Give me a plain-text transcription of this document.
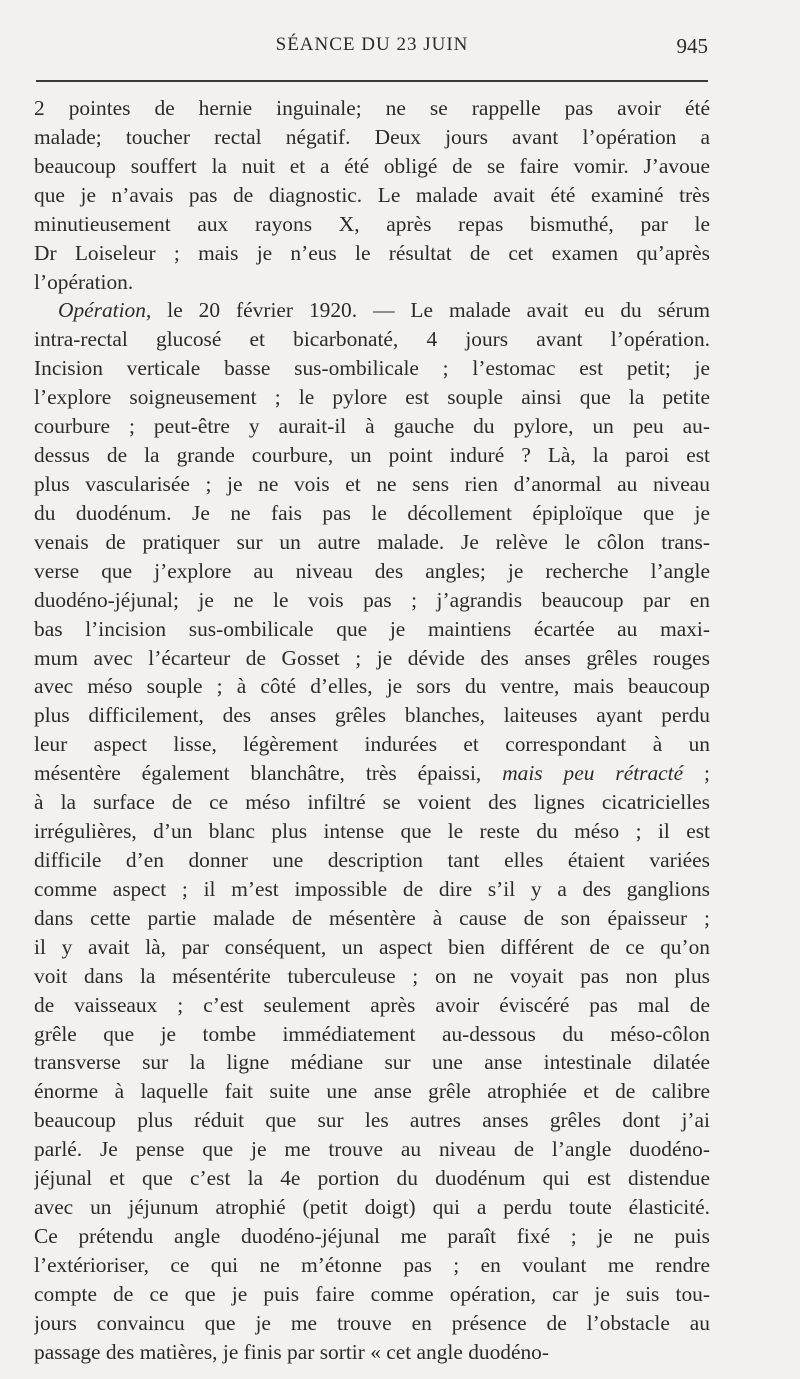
SÉANCE DU 23 JUIN	945
2 pointes de hernie inguinale; ne se rappelle pas avoir été
malade; toucher rectal négatif. Deux jours avant l’opération a
beaucoup souffert la nuit et a été obligé de se faire vomir. J’avoue
que je n’avais pas de diagnostic. Le malade avait été examiné très
minutieusement aux rayons X, après repas bismuthé, par le
Dr Loiseleur ; mais je n’eus le résultat de cet examen qu’après
l’opération.
Opération, le 20 février 1920. — Le malade avait eu du sérum
intra-rectal glucosé et bicarbonaté, 4 jours avant l’opération.
Incision verticale basse sus-ombilicale ; l’estomac est petit; je
l’explore soigneusement ; le pylore est souple ainsi que la petite
courbure ; peut-être y aurait-il à gauche du pylore, un peu au-
dessus de la grande courbure, un point induré ? Là, la paroi est
plus vascularisée ; je ne vois et ne sens rien d’anormal au niveau
du duodénum. Je ne fais pas le décollement épiploïque que je
venais de pratiquer sur un autre malade. Je relève le côlon trans-
verse que j’explore au niveau des angles; je recherche l’angle
duodéno-jéjunal; je ne le vois pas ; j’agrandis beaucoup par en
bas l’incision sus-ombilicale que je maintiens écartée au maxi-
mum avec l’écarteur de Gosset ; je dévide des anses grêles rouges
avec méso souple ; à côté d’elles, je sors du ventre, mais beaucoup
plus difficilement, des anses grêles blanches, laiteuses ayant perdu
leur aspect lisse, légèrement indurées et correspondant à un
mésentère également blanchâtre, très épaissi, mais peu rétracté ;
à la surface de ce méso infiltré se voient des lignes cicatricielles
irrégulières, d’un blanc plus intense que le reste du méso ; il est
difficile d’en donner une description tant elles étaient variées
comme aspect ; il m’est impossible de dire s’il y a des ganglions
dans cette partie malade de mésentère à cause de son épaisseur ;
il y avait là, par conséquent, un aspect bien différent de ce qu’on
voit dans la mésentérite tuberculeuse ; on ne voyait pas non plus
de vaisseaux ; c’est seulement après avoir éviscéré pas mal de
grêle que je tombe immédiatement au-dessous du méso-côlon
transverse sur la ligne médiane sur une anse intestinale dilatée
énorme à laquelle fait suite une anse grêle atrophiée et de calibre
beaucoup plus réduit que sur les autres anses grêles dont j’ai
parlé. Je pense que je me trouve au niveau de l’angle duodéno-
jéjunal et que c’est la 4e portion du duodénum qui est distendue
avec un jéjunum atrophié (petit doigt) qui a perdu toute élasticité.
Ce prétendu angle duodéno-jéjunal me paraît fixé ; je ne puis
l’extérioriser, ce qui ne m’étonne pas ; en voulant me rendre
compte de ce que je puis faire comme opération, car je suis tou-
jours convaincu que je me trouve en présence de l’obstacle au
passage des matières, je finis par sortir « cet angle duodéno-
